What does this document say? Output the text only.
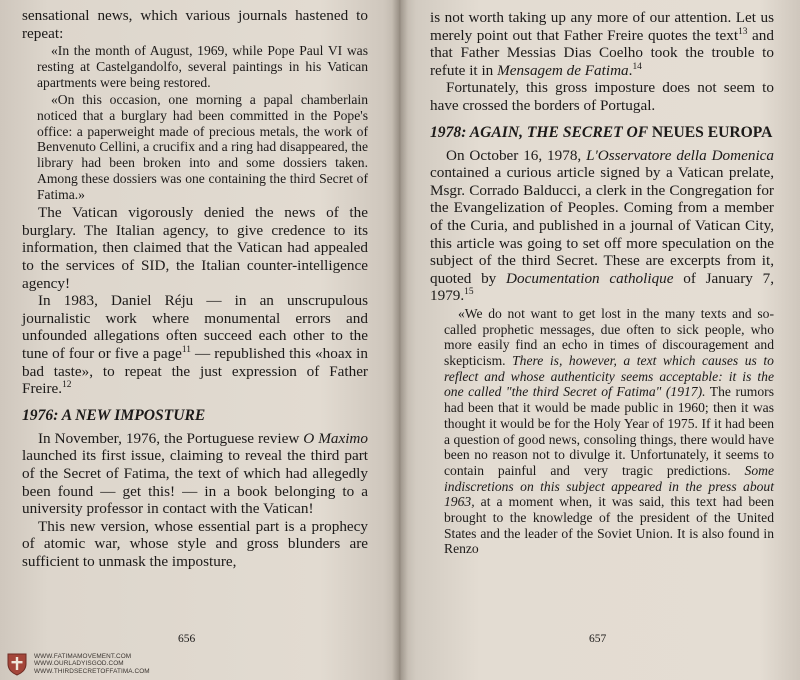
sensational news, which various journals hastened to repeat:

«In the month of August, 1969, while Pope Paul VI was resting at Castelgandolfo, several paintings in his Vatican apartments were being restored.

«On this occasion, one morning a papal chamberlain noticed that a burglary had been committed in the Pope's office: a paperweight made of precious metals, the work of Benvenuto Cellini, a crucifix and a ring had disappeared, the library had been broken into and some dossiers taken. Among these dossiers was one containing the third Secret of Fatima.»

The Vatican vigorously denied the news of the burglary. The Italian agency, to give credence to its information, then claimed that the Vatican had appealed to the services of SID, the Italian counter-intelligence agency!

In 1983, Daniel Réju — in an unscrupulous journalistic work where monumental errors and unfounded allegations often succeed each other to the tune of four or five a page$^{11}$ — republished this «hoax in bad taste», to repeat the just expression of Father Freire.$^{12}$

1976: A NEW IMPOSTURE

In November, 1976, the Portuguese review O Maximo launched its first issue, claiming to reveal the third part of the Secret of Fatima, the text of which had allegedly been found — get this! — in a book belonging to a university professor in contact with the Vatican!

This new version, whose essential part is a prophecy of atomic war, whose style and gross blunders are sufficient to unmask the imposture,

656
WWW.FATIMAMOVEMENT.COM
WWW.OURLADYISGOD.COM
WWW.THIRDSECRETOFFATIMA.COM

is not worth taking up any more of our attention. Let us merely point out that Father Freire quotes the text$^{13}$ and that Father Messias Dias Coelho took the trouble to refute it in Mensagem de Fatima.$^{14}$

Fortunately, this gross imposture does not seem to have crossed the borders of Portugal.

1978: AGAIN, THE SECRET OF NEUES EUROPA

On October 16, 1978, L'Osservatore della Domenica contained a curious article signed by a Vatican prelate, Msgr. Corrado Balducci, a clerk in the Congregation for the Evangelization of Peoples. Coming from a member of the Curia, and published in a journal of Vatican City, this article was going to set off more speculation on the subject of the third Secret. These are excerpts from it, quoted by Documentation catholique of January 7, 1979.15

«We do not want to get lost in the many texts and so-called prophetic messages, due often to sick people, who more easily find an echo in times of discouragement and skepticism. There is, however, a text which causes us to reflect and whose authenticity seems acceptable: it is the one called "the third Secret of Fatima" (1917). The rumors had been that it would be made public in 1960; then it was thought it would be for the Holy Year of 1975. If it had been a question of good news, consoling things, there would have been no reason not to divulge it. Unfortunately, it seems to contain painful and very tragic predictions. Some indiscretions on this subject appeared in the press about 1963, at a moment when, it was said, this text had been brought to the knowledge of the president of the United States and the leader of the Soviet Union. It is also found in Renzo

657
